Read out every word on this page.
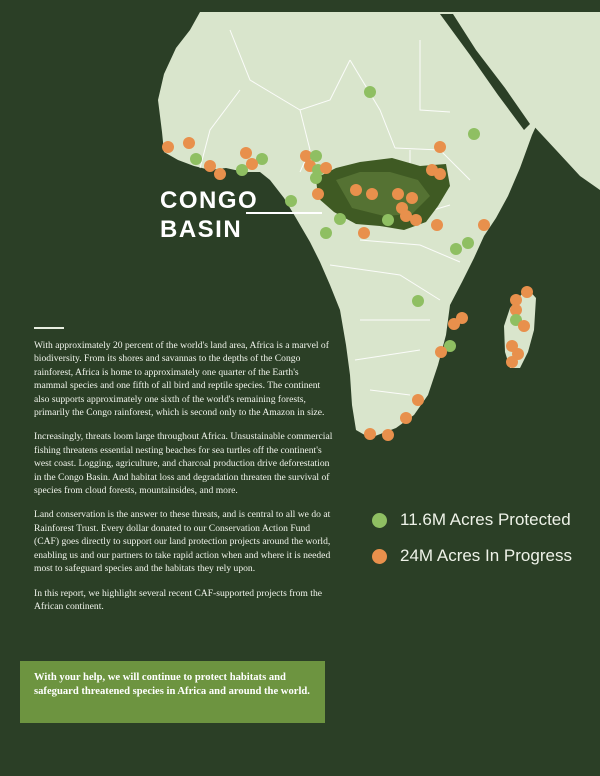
CONGO
BASIN

With approximately 20 percent of the world's land area, Africa is a marvel of biodiversity. From its shores and savannas to the depths of the Congo rainforest, Africa is home to approximately one quarter of the Earth's mammal species and one fifth of all bird and reptile species. The continent also supports approximately one sixth of the world's remaining forests, primarily the Congo rainforest, which is second only to the Amazon in size.

Increasingly, threats loom large throughout Africa. Unsustainable commercial fishing threatens essential nesting beaches for sea turtles off the continent's west coast. Logging, agriculture, and charcoal production drive deforestation in the Congo Basin. And habitat loss and degradation threaten the survival of species from cloud forests, mountainsides, and more.

Land conservation is the answer to these threats, and is central to all we do at Rainforest Trust. Every dollar donated to our Conservation Action Fund (CAF) goes directly to support our land protection projects around the world, enabling us and our partners to take rapid action when and where it is needed most to safeguard species and the habitats they rely upon.

In this report, we highlight several recent CAF-supported projects from the African continent.

With your help, we will continue to protect habitats and safeguard threatened species in Africa and around the world.
11.6M Acres Protected
24M Acres In Progress
